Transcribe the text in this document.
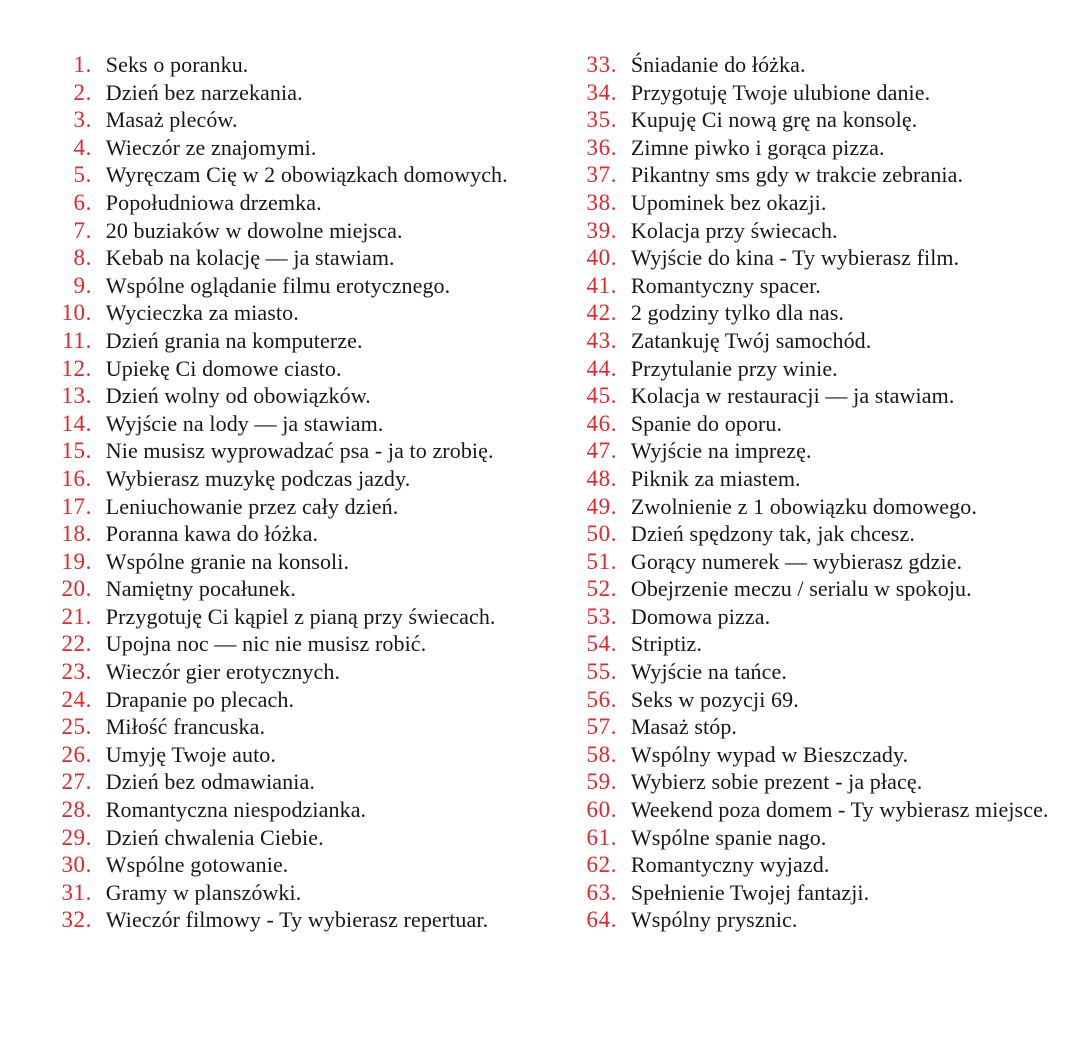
1.
Seks o poranku.
2.
Dzień bez narzekania.
3.
Masaż pleców.
4.
Wieczór ze znajomymi.
5.
Wyręczam Cię w 2 obowiązkach domowych.
6.
Popołudniowa drzemka.
7.
20 buziaków w dowolne miejsca.
8.
Kebab na kolację — ja stawiam.
9.
Wspólne oglądanie filmu erotycznego.
10.
Wycieczka za miasto.
11.
Dzień grania na komputerze.
12.
Upiekę Ci domowe ciasto.
13.
Dzień wolny od obowiązków.
14.
Wyjście na lody — ja stawiam.
15.
Nie musisz wyprowadzać psa - ja to zrobię.
16.
Wybierasz muzykę podczas jazdy.
17.
Leniuchowanie przez cały dzień.
18.
Poranna kawa do łóżka.
19.
Wspólne granie na konsoli.
20.
Namiętny pocałunek.
21.
Przygotuję Ci kąpiel z pianą przy świecach.
22.
Upojna noc — nic nie musisz robić.
23.
Wieczór gier erotycznych.
24.
Drapanie po plecach.
25.
Miłość francuska.
26.
Umyję Twoje auto.
27.
Dzień bez odmawiania.
28.
Romantyczna niespodzianka.
29.
Dzień chwalenia Ciebie.
30.
Wspólne gotowanie.
31.
Gramy w planszówki.
32.
Wieczór filmowy - Ty wybierasz repertuar.
33.
Śniadanie do łóżka.
34.
Przygotuję Twoje ulubione danie.
35.
Kupuję Ci nową grę na konsolę.
36.
Zimne piwko i gorąca pizza.
37.
Pikantny sms gdy w trakcie zebrania.
38.
Upominek bez okazji.
39.
Kolacja przy świecach.
40.
Wyjście do kina - Ty wybierasz film.
41.
Romantyczny spacer.
42.
2 godziny tylko dla nas.
43.
Zatankuję Twój samochód.
44.
Przytulanie przy winie.
45.
Kolacja w restauracji — ja stawiam.
46.
Spanie do oporu.
47.
Wyjście na imprezę.
48.
Piknik za miastem.
49.
Zwolnienie z 1 obowiązku domowego.
50.
Dzień spędzony tak, jak chcesz.
51.
Gorący numerek — wybierasz gdzie.
52.
Obejrzenie meczu / serialu w spokoju.
53.
Domowa pizza.
54.
Striptiz.
55.
Wyjście na tańce.
56.
Seks w pozycji 69.
57.
Masaż stóp.
58.
Wspólny wypad w Bieszczady.
59.
Wybierz sobie prezent - ja płacę.
60.
Weekend poza domem - Ty wybierasz miejsce.
61.
Wspólne spanie nago.
62.
Romantyczny wyjazd.
63.
Spełnienie Twojej fantazji.
64.
Wspólny prysznic.
